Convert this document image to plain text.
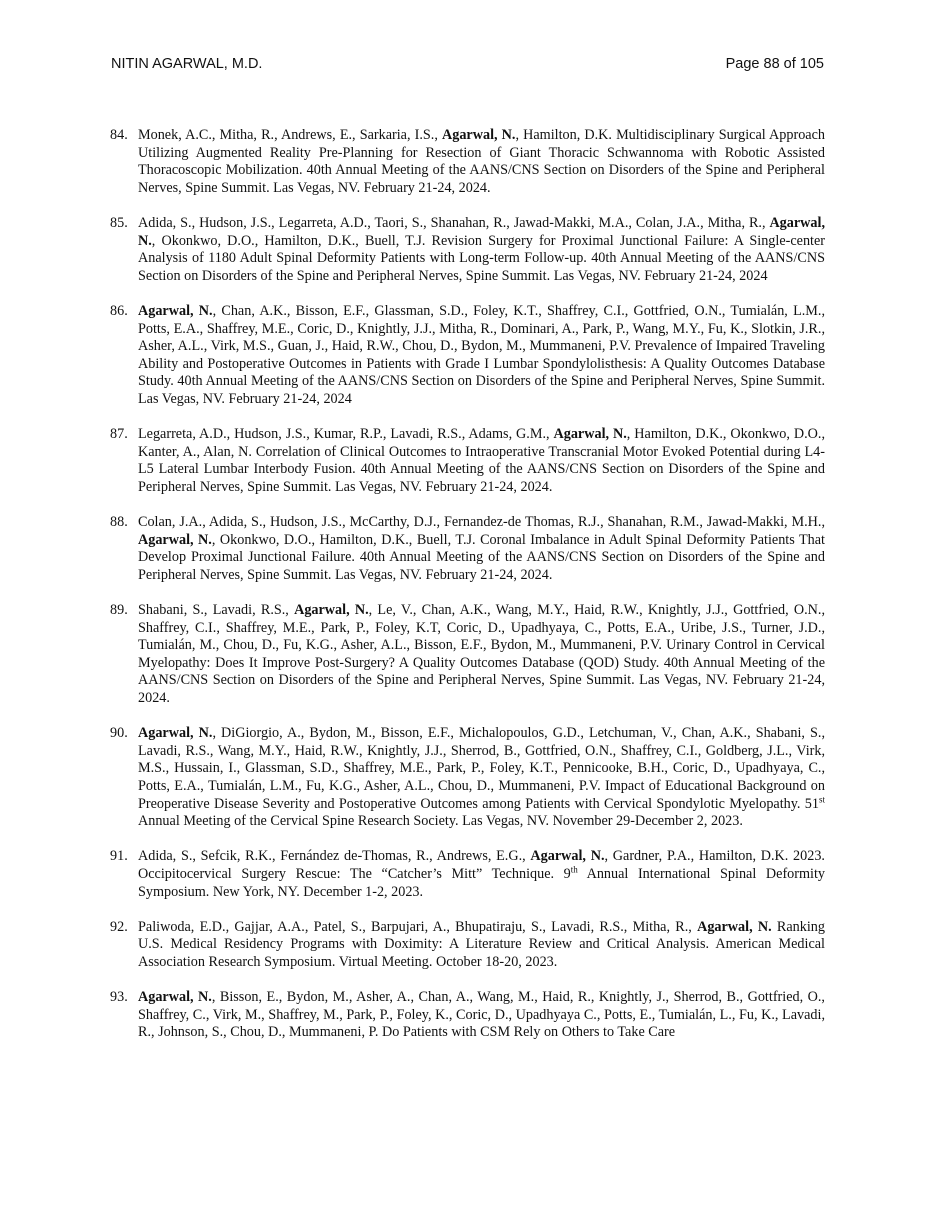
NITIN AGARWAL, M.D.	Page 88 of 105
84. Monek, A.C., Mitha, R., Andrews, E., Sarkaria, I.S., Agarwal, N., Hamilton, D.K. Multidisciplinary Surgical Approach Utilizing Augmented Reality Pre-Planning for Resection of Giant Thoracic Schwannoma with Robotic Assisted Thoracoscopic Mobilization. 40th Annual Meeting of the AANS/CNS Section on Disorders of the Spine and Peripheral Nerves, Spine Summit. Las Vegas, NV. February 21-24, 2024.
85. Adida, S., Hudson, J.S., Legarreta, A.D., Taori, S., Shanahan, R., Jawad-Makki, M.A., Colan, J.A., Mitha, R., Agarwal, N., Okonkwo, D.O., Hamilton, D.K., Buell, T.J. Revision Surgery for Proximal Junctional Failure: A Single-center Analysis of 1180 Adult Spinal Deformity Patients with Long-term Follow-up. 40th Annual Meeting of the AANS/CNS Section on Disorders of the Spine and Peripheral Nerves, Spine Summit. Las Vegas, NV. February 21-24, 2024
86. Agarwal, N., Chan, A.K., Bisson, E.F., Glassman, S.D., Foley, K.T., Shaffrey, C.I., Gottfried, O.N., Tumialán, L.M., Potts, E.A., Shaffrey, M.E., Coric, D., Knightly, J.J., Mitha, R., Dominari, A., Park, P., Wang, M.Y., Fu, K., Slotkin, J.R., Asher, A.L., Virk, M.S., Guan, J., Haid, R.W., Chou, D., Bydon, M., Mummaneni, P.V. Prevalence of Impaired Traveling Ability and Postoperative Outcomes in Patients with Grade I Lumbar Spondylolisthesis: A Quality Outcomes Database Study. 40th Annual Meeting of the AANS/CNS Section on Disorders of the Spine and Peripheral Nerves, Spine Summit. Las Vegas, NV. February 21-24, 2024
87. Legarreta, A.D., Hudson, J.S., Kumar, R.P., Lavadi, R.S., Adams, G.M., Agarwal, N., Hamilton, D.K., Okonkwo, D.O., Kanter, A., Alan, N. Correlation of Clinical Outcomes to Intraoperative Transcranial Motor Evoked Potential during L4-L5 Lateral Lumbar Interbody Fusion. 40th Annual Meeting of the AANS/CNS Section on Disorders of the Spine and Peripheral Nerves, Spine Summit. Las Vegas, NV. February 21-24, 2024.
88. Colan, J.A., Adida, S., Hudson, J.S., McCarthy, D.J., Fernandez-de Thomas, R.J., Shanahan, R.M., Jawad-Makki, M.H., Agarwal, N., Okonkwo, D.O., Hamilton, D.K., Buell, T.J. Coronal Imbalance in Adult Spinal Deformity Patients That Develop Proximal Junctional Failure. 40th Annual Meeting of the AANS/CNS Section on Disorders of the Spine and Peripheral Nerves, Spine Summit. Las Vegas, NV. February 21-24, 2024.
89. Shabani, S., Lavadi, R.S., Agarwal, N., Le, V., Chan, A.K., Wang, M.Y., Haid, R.W., Knightly, J.J., Gottfried, O.N., Shaffrey, C.I., Shaffrey, M.E., Park, P., Foley, K.T, Coric, D., Upadhyaya, C., Potts, E.A., Uribe, J.S., Turner, J.D., Tumialán, M., Chou, D., Fu, K.G., Asher, A.L., Bisson, E.F., Bydon, M., Mummaneni, P.V. Urinary Control in Cervical Myelopathy: Does It Improve Post-Surgery? A Quality Outcomes Database (QOD) Study. 40th Annual Meeting of the AANS/CNS Section on Disorders of the Spine and Peripheral Nerves, Spine Summit. Las Vegas, NV. February 21-24, 2024.
90. Agarwal, N., DiGiorgio, A., Bydon, M., Bisson, E.F., Michalopoulos, G.D., Letchuman, V., Chan, A.K., Shabani, S., Lavadi, R.S., Wang, M.Y., Haid, R.W., Knightly, J.J., Sherrod, B., Gottfried, O.N., Shaffrey, C.I., Goldberg, J.L., Virk, M.S., Hussain, I., Glassman, S.D., Shaffrey, M.E., Park, P., Foley, K.T., Pennicooke, B.H., Coric, D., Upadhyaya, C., Potts, E.A., Tumialán, L.M., Fu, K.G., Asher, A.L., Chou, D., Mummaneni, P.V. Impact of Educational Background on Preoperative Disease Severity and Postoperative Outcomes among Patients with Cervical Spondylotic Myelopathy. 51st Annual Meeting of the Cervical Spine Research Society. Las Vegas, NV. November 29-December 2, 2023.
91. Adida, S., Sefcik, R.K., Fernández de-Thomas, R., Andrews, E.G., Agarwal, N., Gardner, P.A., Hamilton, D.K. 2023. Occipitocervical Surgery Rescue: The “Catcher’s Mitt” Technique. 9th Annual International Spinal Deformity Symposium. New York, NY. December 1-2, 2023.
92. Paliwoda, E.D., Gajjar, A.A., Patel, S., Barpujari, A., Bhupatiraju, S., Lavadi, R.S., Mitha, R., Agarwal, N. Ranking U.S. Medical Residency Programs with Doximity: A Literature Review and Critical Analysis. American Medical Association Research Symposium. Virtual Meeting. October 18-20, 2023.
93. Agarwal, N., Bisson, E., Bydon, M., Asher, A., Chan, A., Wang, M., Haid, R., Knightly, J., Sherrod, B., Gottfried, O., Shaffrey, C., Virk, M., Shaffrey, M., Park, P., Foley, K., Coric, D., Upadhyaya C., Potts, E., Tumialán, L., Fu, K., Lavadi, R., Johnson, S., Chou, D., Mummaneni, P. Do Patients with CSM Rely on Others to Take Care
